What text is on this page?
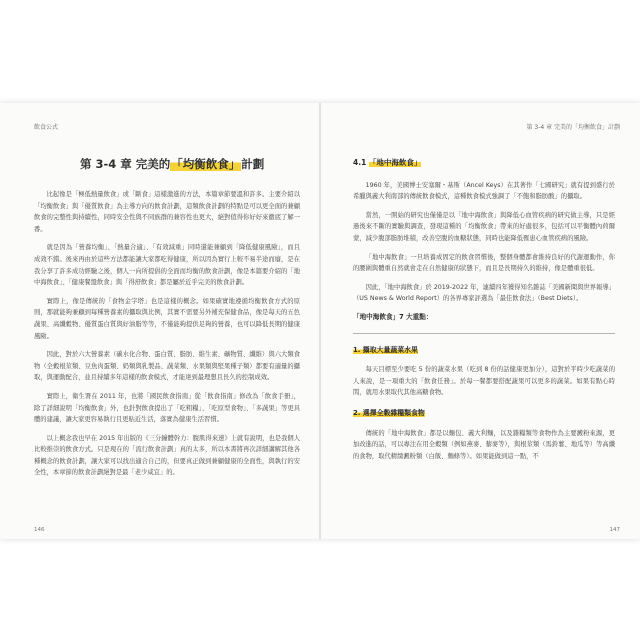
飲食公式
第 3-4 章 完美的「均衡飲食」計劃

比起像是「極低熱量飲食」或「斷食」這樣激進的方法，本篇章節要溫和許多。主要介紹以「均衡飲食」與「優質飲食」為主導方向的飲食計劃，這類飲食計劃的特點是可以更全面的兼顧飲食的完整性與持續性，同時安全性與不同族群的兼容性也更大，絕對值得你好好來徹底了解一番。

就是因為「營養均衡」、「熱量合適」、「有效減重」同時還能兼顧到「降低健康風險」，而且成效不錯。後來再由於這些方法都能讓大家都吃得健康，所以因為實行上較不易半途而廢，是在我分享了許多成功經驗之後，個人一向所提倡的全面而均衡的飲食計劃，像是本篇要介紹的「地中海飲食」、「健康餐盤飲食」與「得舒飲食」都是屬於近乎完美的飲食計劃。

實際上，像是傳統的「食物金字塔」也是這樣的概念。如果確實地遵循均衡飲食方式的原則，那就能夠兼顧到每種營養素的攝取與比例，其實不需要另外補充保健食品，像是每天的五色蔬果、高纖穀物、優質蛋白質與好油脂等等，不僅能夠提供足夠的營養，也可以降低長期的健康風險。

因此，對於六大營養素（碳水化合物、蛋白質、脂肪、維生素、礦物質、纖維）與六大類食物（全穀根莖類、豆魚肉蛋類、奶類與乳製品、蔬菜類、水果類與堅果種子類）都要有適量的攝取，與運動配合，並且持續多年這樣的飲食模式，才能達到最理想且長久的控制成效。

實際上，衛生署在 2011 年，也將「國民飲食指南」從「飲食指南」修改為「飲食手冊」，除了詳細說明「均衡飲食」外，也針對飲食提出了「吃粗糧」、「吃原型食物」、「多蔬果」等更具體的建議，讓大家更容易執行且更貼近生活，落實為健康生活習慣。

以上概念我也早在 2015 年出版的《三分鐘體幹力：腹肌得來速》上就有說明，也是我個人比較推崇的飲食方式。只是現在的「流行飲食計劃」真的太多，所以本書將再次詳細講解其他各種概念的飲食計劃，讓大家可以找出適合自己的，但要真正做到兼顧健康的全面性，與執行的安全性，本章節的飲食計劃絕對是最「老少咸宜」的。

146
第 3-4 章 完美的「均衡飲食」計劃
4.1 「地中海飲食」

1960 年，美國博士安塞爾・基斯（Ancel Keys）在其著作「七國研究」就有提到盛行於希臘與義大利南部的傳統飲食模式，這種飲食模式強調了「不飽和脂肪酸」的攝取。

當然，一開始的研究也僅僅是以「地中海飲食」與降低心血管疾病的研究做主導，只是經過後來不斷的實驗與調查，發現這種的「均衡飲食」帶來的好處很多，包括可以平衡體內荷爾蒙，減少腹部脂肪堆積，改善空腹的血糖狀態，同時也能降低罹患心血管疾病的風險。

「地中海飲食」一旦培養成固定的飲食習慣後，整個身體都會維持良好的代謝運動作，你的腰圍與體重自然就會走在自然健康的狀態下，而且是長期持久的維持，像是體重很低。

因此，「地中海飲食」於 2019-2022 年，連續四年獲得知名雜誌「美國新聞與世界報導」（US News & World Report）的各界專家評選為「最佳飲食法」（Best Diets）。

「地中海飲食」7 大重點：
1. 攝取大量蔬菜水果

每天目標至少要吃 5 份的蔬菜水果（吃到 8 份的話健康更加分），這對於平時少吃蔬菜的人來說，是一項重大的「飲食任務」。於每一餐都要搭配蔬果可以更多的蔬菜。如果有點心時間，就用水果取代其他高糖食物。

2. 選擇全穀雜糧類食物

傳統的「地中海飲食」都是以麵包、義大利麵，以及雜糧類等食物作為主要澱粉來源，更加改進的話，可以專注在用全穀類（例如燕麥、藜麥等），與根莖類（馬鈴薯、地瓜等）等高纖的食物，取代精緻澱粉類（白飯、麵條等）。如果能做到這一點，不

147
